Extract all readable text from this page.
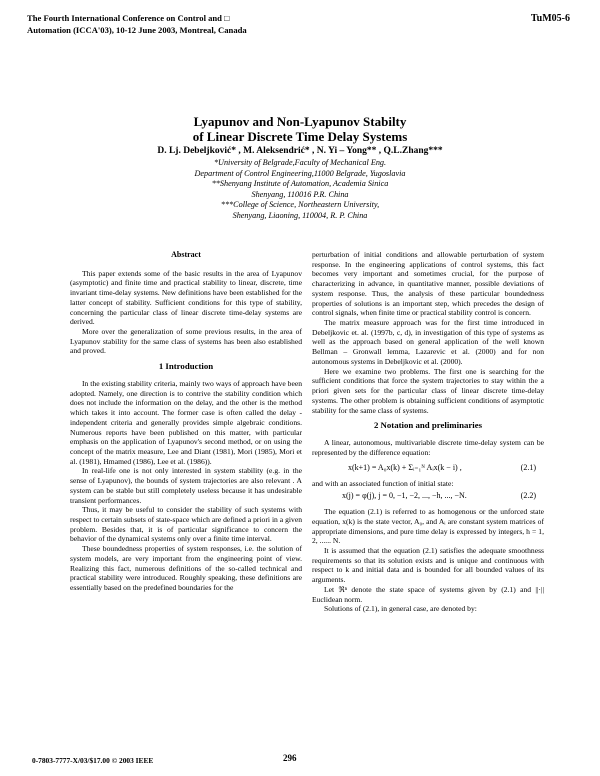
The Fourth International Conference on Control and □
Automation (ICCA'03), 10-12 June 2003, Montreal, Canada
TuM05-6
Lyapunov and Non-Lyapunov Stabilty
of Linear Discrete Time Delay Systems
D. Lj. Debeljković* , M. Aleksendrić* , N. Yi – Yong** , Q.L.Zhang***
*University of Belgrade,Faculty of Mechanical Eng.
Department of Control Engineering,11000 Belgrade, Yugoslavia
**Shenyang Institute of Automation, Academia Sinica
Shenyang, 110016 P.R. China
***College of Science, Northeastern University,
Shenyang, Liaoning, 110004, R. P. China

Abstract

This paper extends some of the basic results in the area of Lyapunov (asymptotic) and finite time and practical stability to linear, discrete, time invariant time-delay systems. New definitions have been established for the latter concept of stability. Sufficient conditions for this type of stability, concerning the particular class of linear discrete time-delay systems are derived.

More over the generalization of some previous results, in the area of Lyapunov stability for the same class of systems has been also established and proved.

1 Introduction

In the existing stability criteria, mainly two ways of approach have been adopted. Namely, one direction is to contrive the stability condition which does not include the information on the delay, and the other is the method which takes it into account. The former case is often called the delay - independent criteria and generally provides simple algebraic conditions. Numerous reports have been published on this matter, with particular emphasis on the application of Lyapunov's second method, or on using the concept of the matrix measure, Lee and Diant (1981), Mori (1985), Mori et al. (1981), Hmamed (1986), Lee et al. (1986)).

In real-life one is not only interested in system stability (e.g. in the sense of Lyapunov), the bounds of system trajectories are also relevant . A system can be stable but still completely useless because it has undesirable transient performances.

Thus, it may be useful to consider the stability of such systems with respect to certain subsets of state-space which are defined a priori in a given problem. Besides that, it is of particular significance to concern the behavior of the dynamical systems only over a finite time interval.

These boundedness properties of system responses, i.e. the solution of system models, are very important from the engineering point of view. Realizing this fact, numerous definitions of the so-called technical and practical stability were introduced. Roughly speaking, these definitions are essentially based on the predefined boundaries for the

perturbation of initial conditions and allowable perturbation of system response. In the engineering applications of control systems, this fact becomes very important and sometimes crucial, for the purpose of characterizing in advance, in quantitative manner, possible deviations of system response. Thus, the analysis of these particular boundedness properties of solutions is an important step, which precedes the design of control signals, when finite time or practical stability control is concern.

The matrix measure approach was for the first time introduced in Debeljkovic et. al. (1997b, c, d), in investigation of this type of systems as well as the approach based on general application of the well known Bellman – Gronwall lemma, Lazarevic et al. (2000) and for non autonomous systems in Debeljkovic et al. (2000).

Here we examine two problems. The first one is searching for the sufficient conditions that force the system trajectories to stay within the a priori given sets for the particular class of linear discrete time-delay systems. The other problem is obtaining sufficient conditions of asymptotic stability for the same class of systems.

2 Notation and preliminaries

A linear, autonomous, multivariable discrete time-delay system can be represented by the difference equation:

x(k+1) = A₀x(k) + Σᵢ₌₁ᴺ Aᵢx(k − i) ,	(2.1)

and with an associated function of initial state:

x(j) = φ(j), j = 0, −1, −2, ..., −h, ..., −N.	(2.2)

The equation (2.1) is referred to as homogenous or the unforced state equation, x(k) is the state vector, A₀, and Aᵢ are constant system matrices of appropriate dimensions, and pure time delay is expressed by integers, h = 1, 2, ...... N.

It is assumed that the equation (2.1) satisfies the adequate smoothness requirements so that its solution exists and is unique and continuous with respect to k and initial data and is bounded for all bounded values of its arguments.

Let ℜⁿ denote the state space of systems given by (2.1) and ||·|| Euclidean norm.

Solutions of (2.1), in general case, are denoted by:

0-7803-7777-X/03/$17.00 © 2003 IEEE	296
